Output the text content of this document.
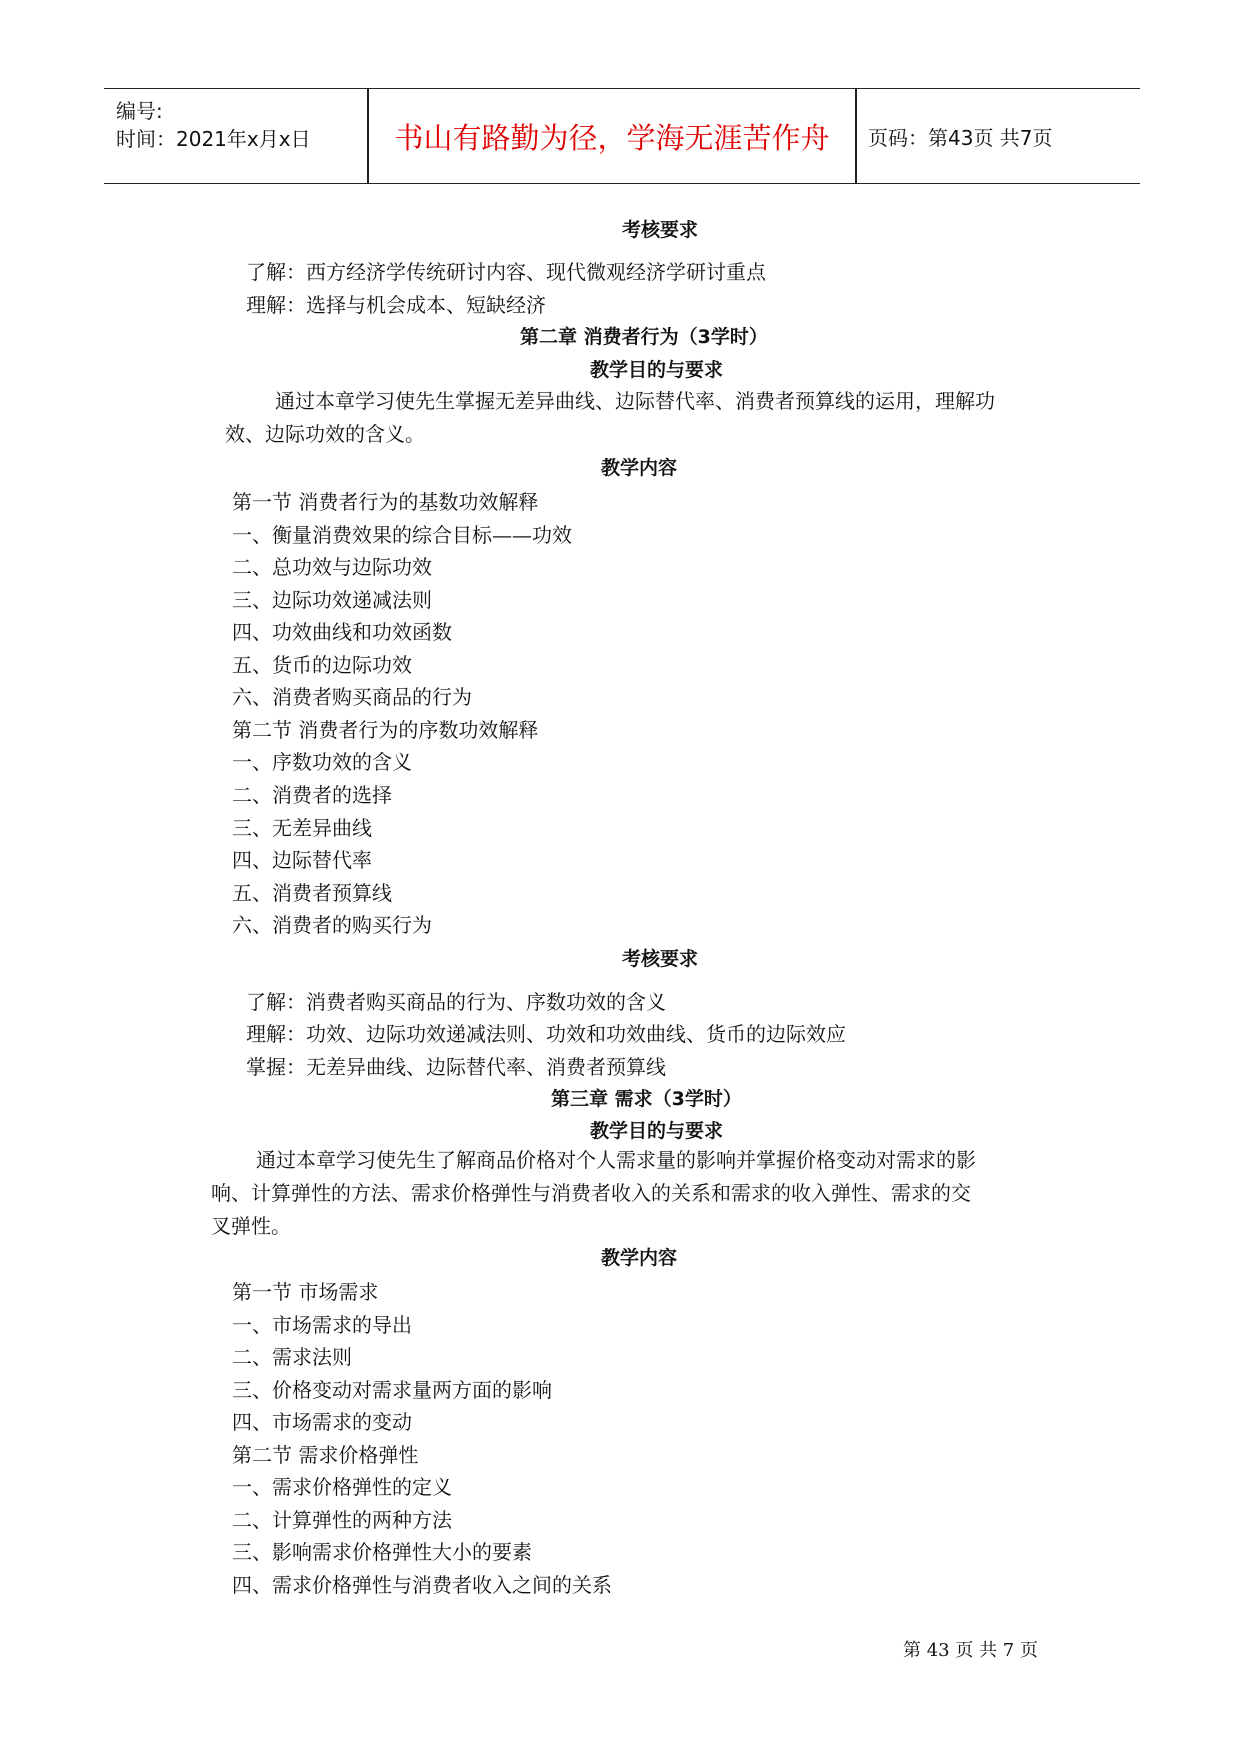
编号:
时间：2021年x月x日	书山有路勤为径，学海无涯苦作舟	页码：第43页 共7页
考核要求
了解：西方经济学传统研讨内容、现代微观经济学研讨重点
理解：选择与机会成本、短缺经济
第二章 消费者行为（3学时）
教学目的与要求
通过本章学习使先生掌握无差异曲线、边际替代率、消费者预算线的运用，理解功
效、边际功效的含义。
教学内容
第一节 消费者行为的基数功效解释
一、衡量消费效果的综合目标——功效
二、总功效与边际功效
三、边际功效递减法则
四、功效曲线和功效函数
五、货币的边际功效
六、消费者购买商品的行为
第二节 消费者行为的序数功效解释
一、序数功效的含义
二、消费者的选择
三、无差异曲线
四、边际替代率
五、消费者预算线
六、消费者的购买行为
考核要求
了解：消费者购买商品的行为、序数功效的含义
理解：功效、边际功效递减法则、功效和功效曲线、货币的边际效应
掌握：无差异曲线、边际替代率、消费者预算线
第三章 需求（3学时）
教学目的与要求
通过本章学习使先生了解商品价格对个人需求量的影响并掌握价格变动对需求的影
响、计算弹性的方法、需求价格弹性与消费者收入的关系和需求的收入弹性、需求的交
叉弹性。
教学内容
第一节 市场需求
一、市场需求的导出
二、需求法则
三、价格变动对需求量两方面的影响
四、市场需求的变动
第二节 需求价格弹性
一、需求价格弹性的定义
二、计算弹性的两种方法
三、影响需求价格弹性大小的要素
四、需求价格弹性与消费者收入之间的关系
第 43 页 共 7 页
